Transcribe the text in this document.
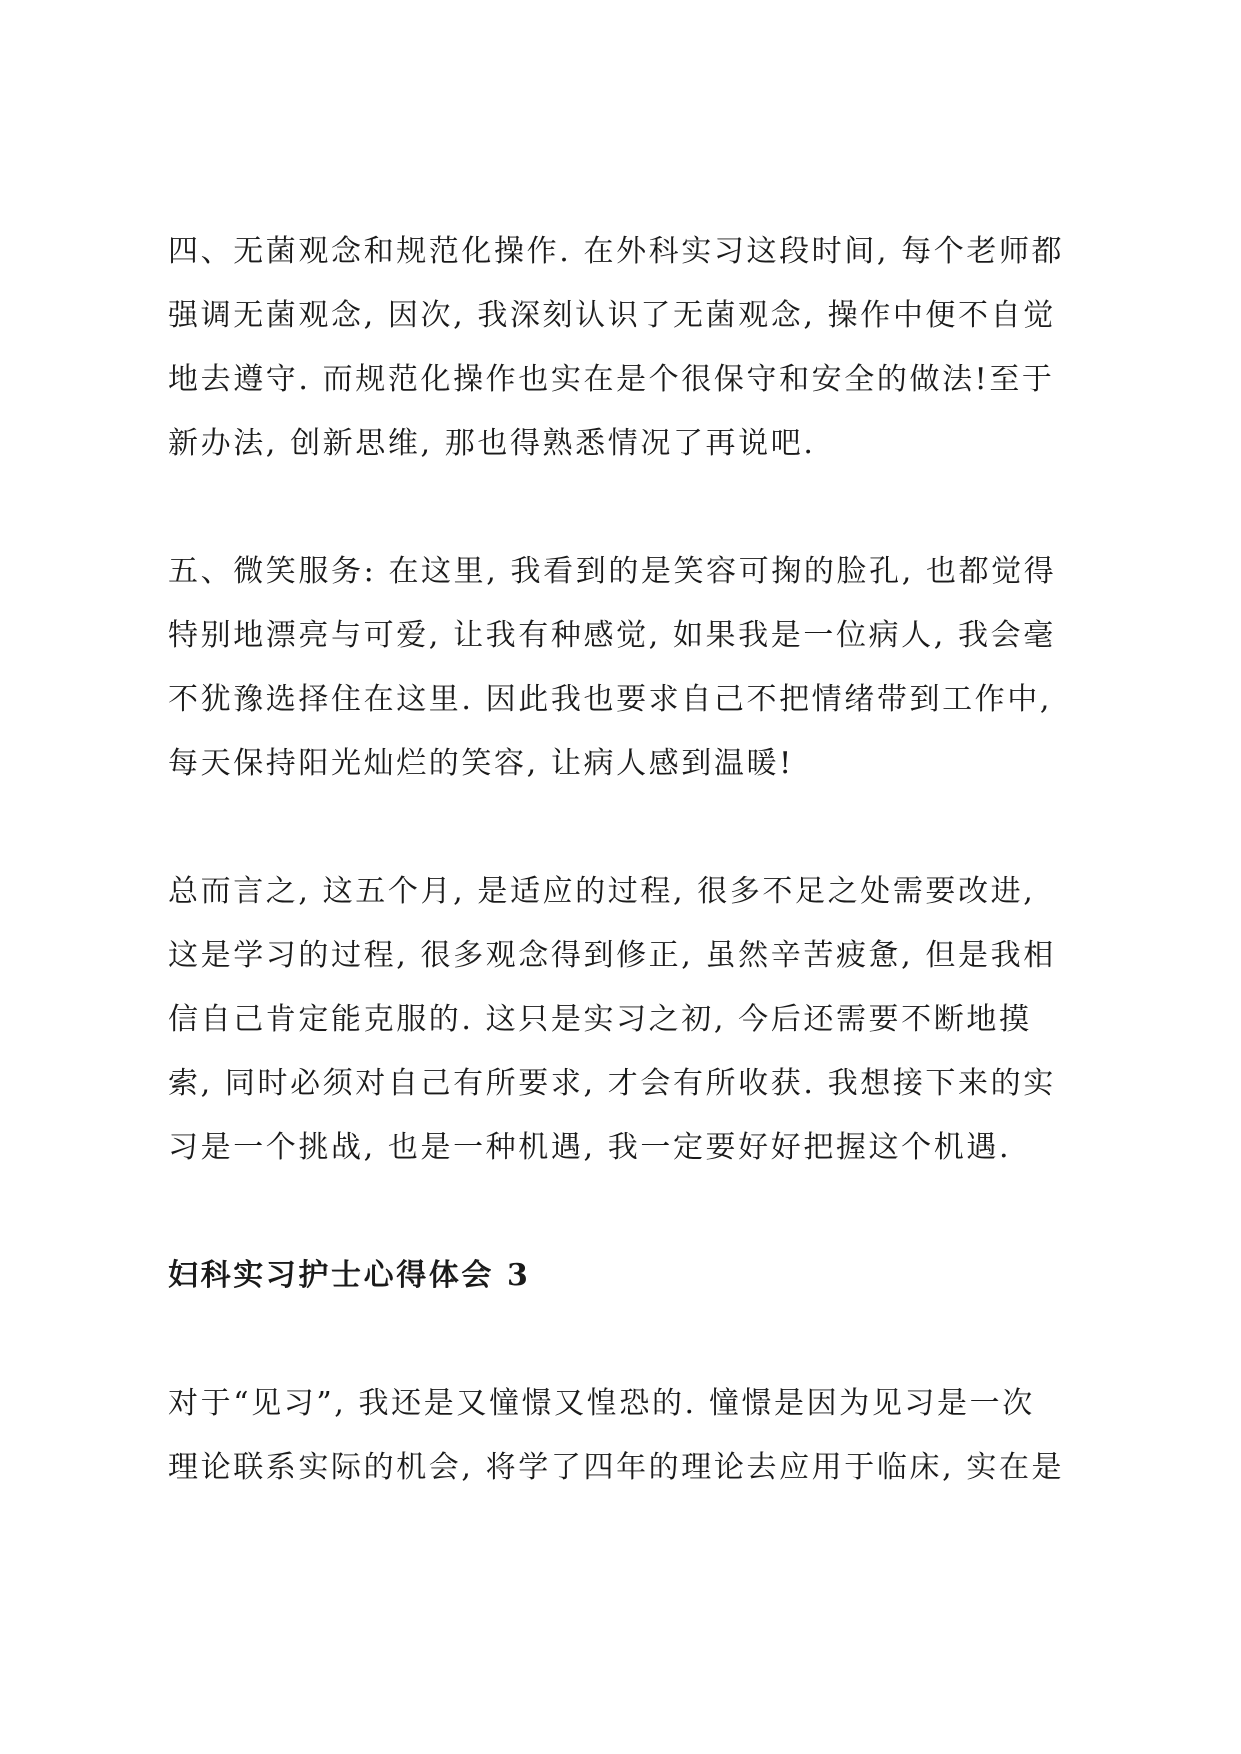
四、无菌观念和规范化操作. 在外科实习这段时间, 每个老师都
强调无菌观念, 因次, 我深刻认识了无菌观念, 操作中便不自觉
地去遵守. 而规范化操作也实在是个很保守和安全的做法!至于
新办法, 创新思维, 那也得熟悉情况了再说吧.

五、微笑服务: 在这里, 我看到的是笑容可掬的脸孔, 也都觉得
特别地漂亮与可爱, 让我有种感觉, 如果我是一位病人, 我会毫
不犹豫选择住在这里. 因此我也要求自己不把情绪带到工作中,
每天保持阳光灿烂的笑容, 让病人感到温暖!

总而言之, 这五个月, 是适应的过程, 很多不足之处需要改进,
这是学习的过程, 很多观念得到修正, 虽然辛苦疲惫, 但是我相
信自己肯定能克服的. 这只是实习之初, 今后还需要不断地摸
索, 同时必须对自己有所要求, 才会有所收获. 我想接下来的实
习是一个挑战, 也是一种机遇, 我一定要好好把握这个机遇.

妇科实习护士心得体会 3

对于“见习”, 我还是又憧憬又惶恐的. 憧憬是因为见习是一次
理论联系实际的机会, 将学了四年的理论去应用于临床, 实在是
